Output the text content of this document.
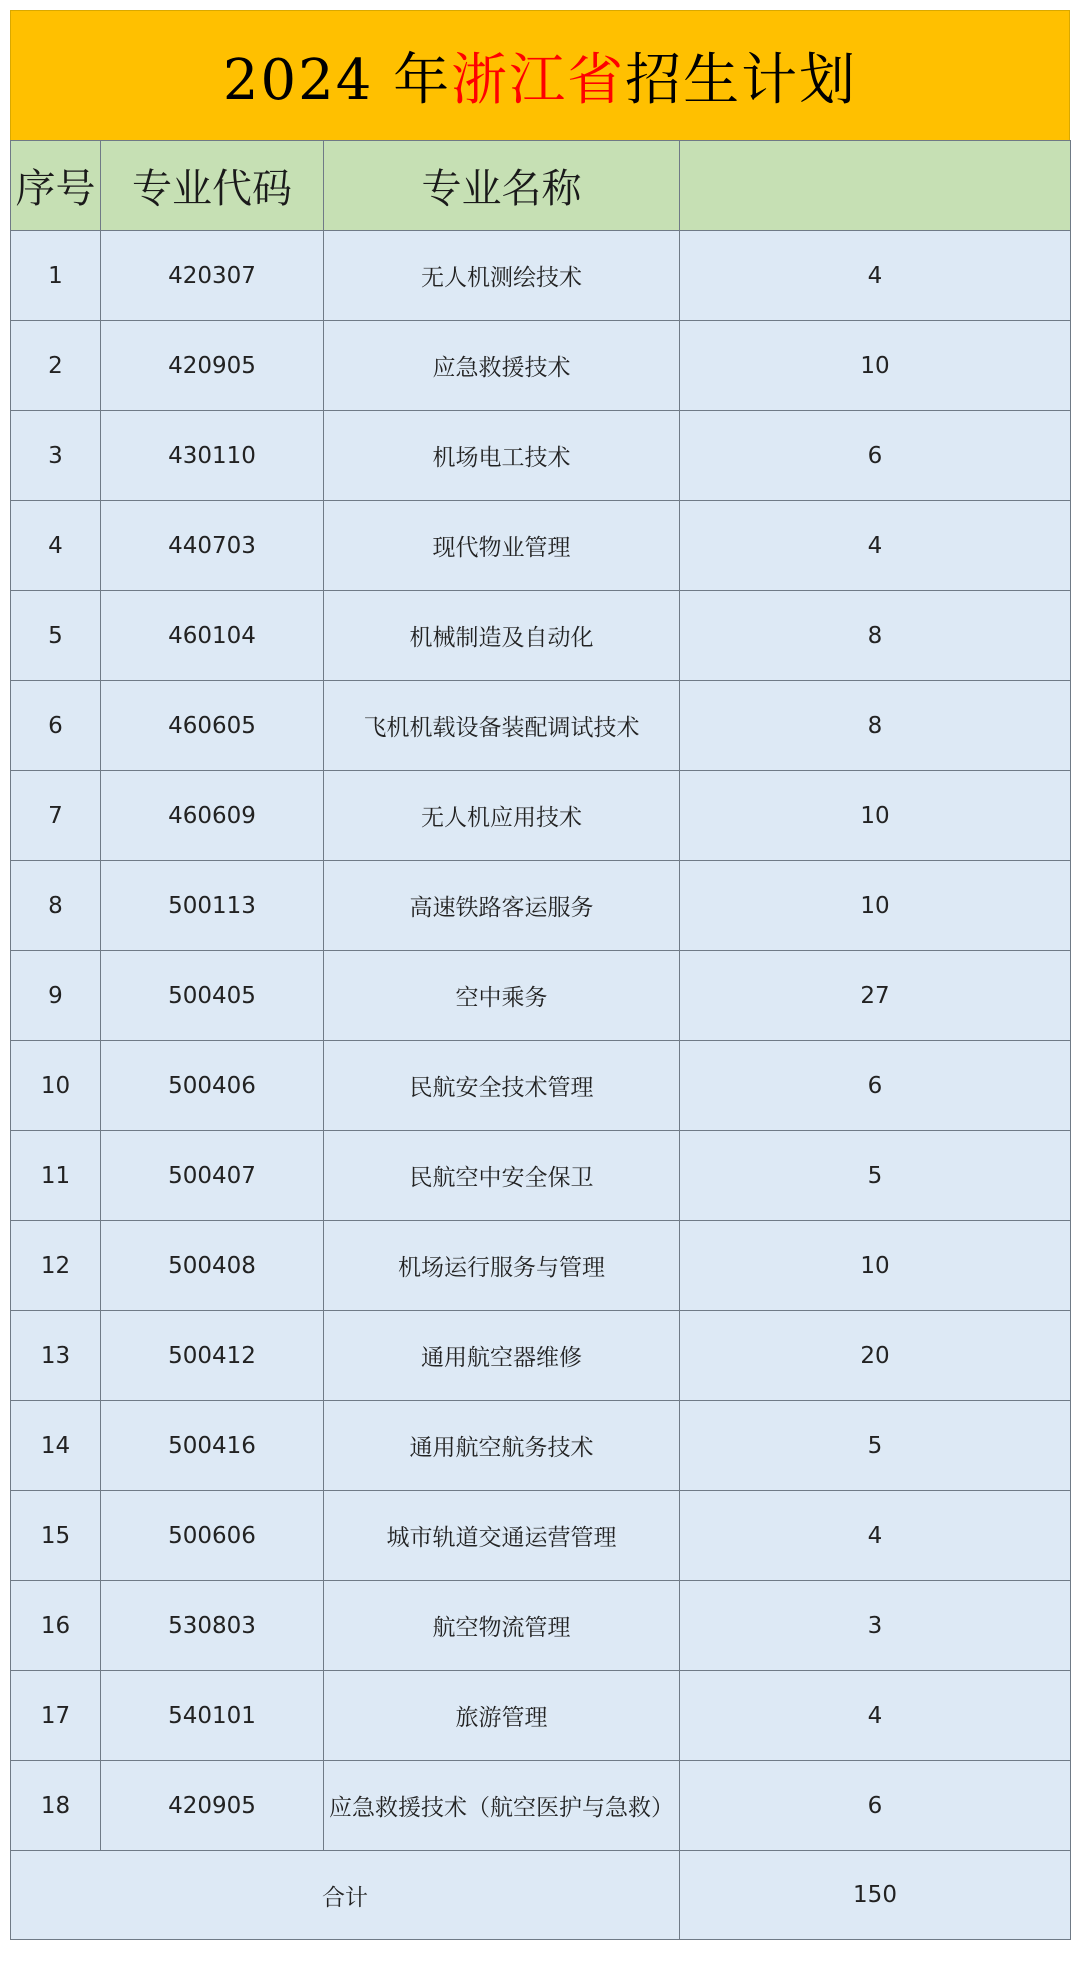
2024 年浙江省招生计划
序号	专业代码	专业名称	
1	420307	无人机测绘技术	4
2	420905	应急救援技术	10
3	430110	机场电工技术	6
4	440703	现代物业管理	4
5	460104	机械制造及自动化	8
6	460605	飞机机载设备装配调试技术	8
7	460609	无人机应用技术	10
8	500113	高速铁路客运服务	10
9	500405	空中乘务	27
10	500406	民航安全技术管理	6
11	500407	民航空中安全保卫	5
12	500408	机场运行服务与管理	10
13	500412	通用航空器维修	20
14	500416	通用航空航务技术	5
15	500606	城市轨道交通运营管理	4
16	530803	航空物流管理	3
17	540101	旅游管理	4
18	420905	应急救援技术（航空医护与急救）	6
合计			150
